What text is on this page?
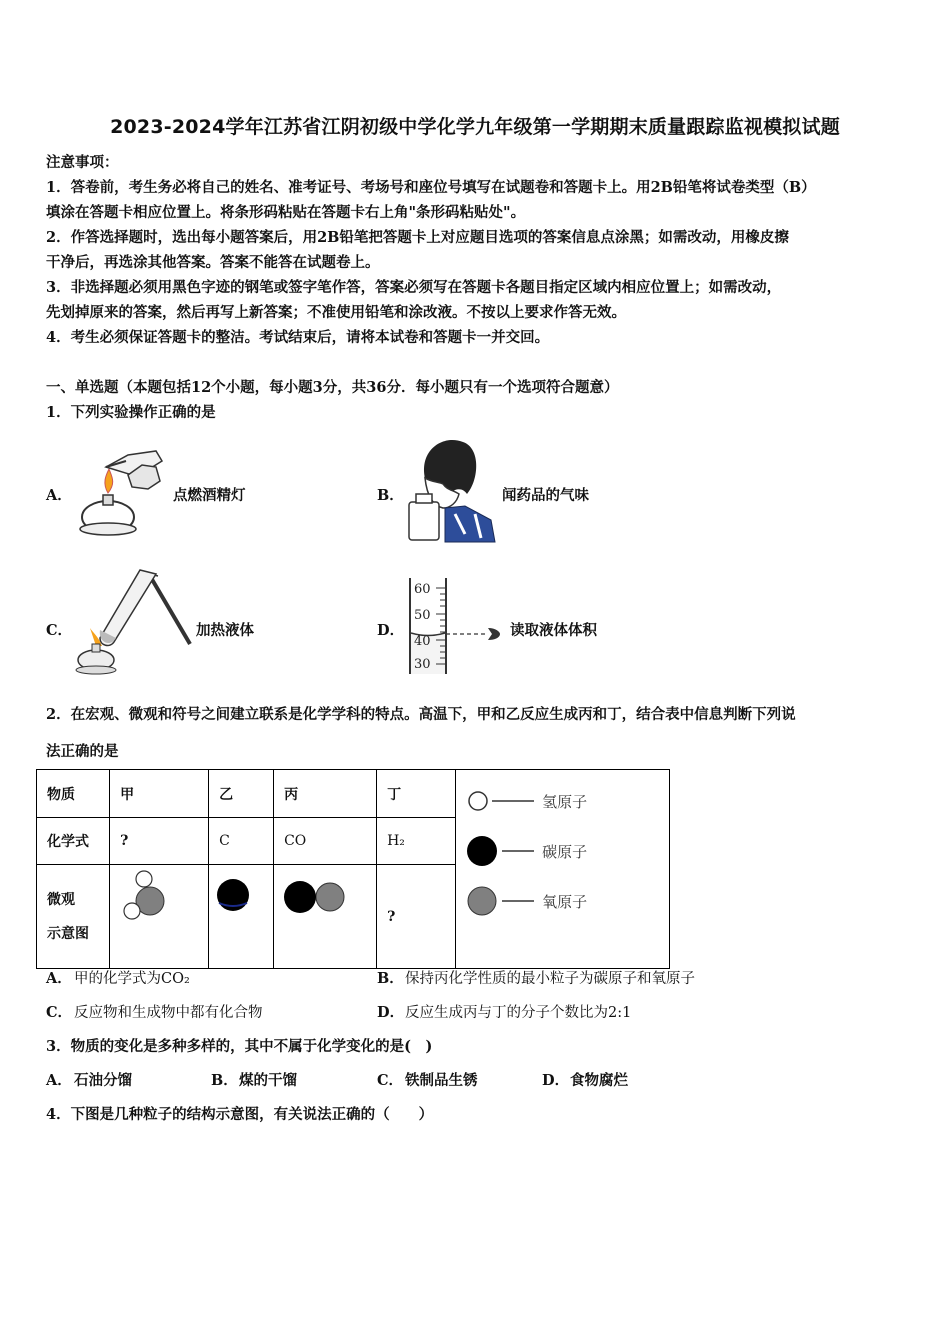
2023-2024学年江苏省江阴初级中学化学九年级第一学期期末质量跟踪监视模拟试题
注意事项：
1．答卷前，考生务必将自己的姓名、准考证号、考场号和座位号填写在试题卷和答题卡上。用2B铅笔将试卷类型（B）
填涂在答题卡相应位置上。将条形码粘贴在答题卡右上角"条形码粘贴处"。
2．作答选择题时，选出每小题答案后，用2B铅笔把答题卡上对应题目选项的答案信息点涂黑；如需改动，用橡皮擦
干净后，再选涂其他答案。答案不能答在试题卷上。
3．非选择题必须用黑色字迹的钢笔或签字笔作答，答案必须写在答题卡各题目指定区域内相应位置上；如需改动，
先划掉原来的答案，然后再写上新答案；不准使用铅笔和涂改液。不按以上要求作答无效。
4．考生必须保证答题卡的整洁。考试结束后，请将本试卷和答题卡一并交回。
一、单选题（本题包括12个小题，每小题3分，共36分．每小题只有一个选项符合题意）
1．下列实验操作正确的是
A．	点燃酒精灯	B．	闻药品的气味
C．	加热液体	D．
60
50
40
30
读取液体体积
2．在宏观、微观和符号之间建立联系是化学学科的特点。高温下，甲和乙反应生成丙和丁，结合表中信息判断下列说
法正确的是
物质	甲	乙	丙	丁	氢原子
碳原子
氧原子

化学式	?	C	CO	H₂	

微观
示意图				?	
A． 甲的化学式为CO₂	B． 保持丙化学性质的最小粒子为碳原子和氧原子
C． 反应物和生成物中都有化合物	D． 反应生成丙与丁的分子个数比为2:1
3．物质的变化是多种多样的，其中不属于化学变化的是(　)
A． 石油分馏	B． 煤的干馏	C． 铁制品生锈	D． 食物腐烂
4．下图是几种粒子的结构示意图，有关说法正确的（　　）
